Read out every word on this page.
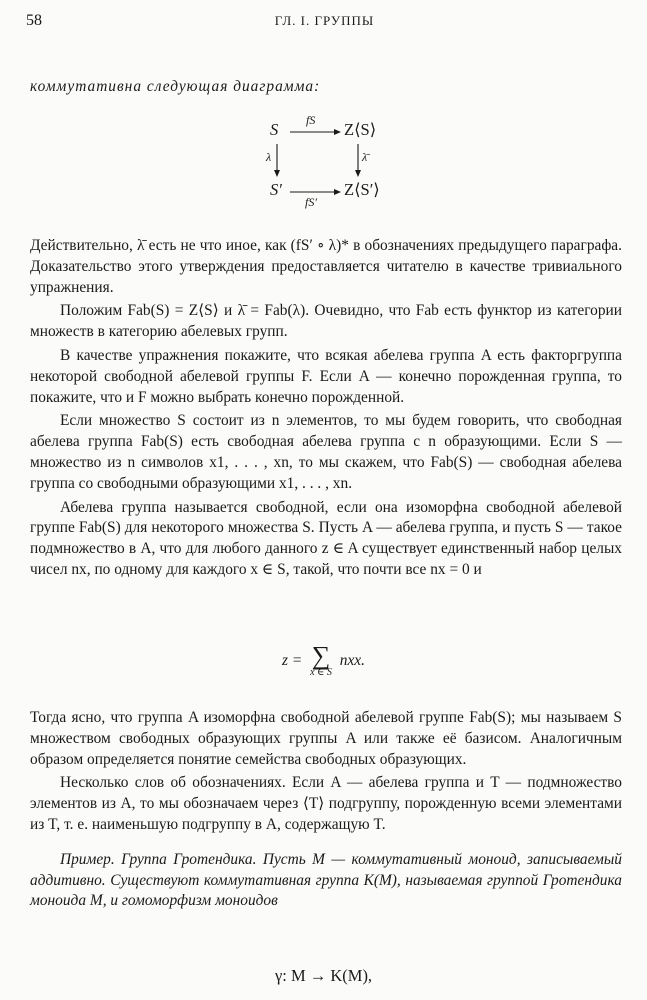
58	ГЛ. I. ГРУППЫ
коммутативна следующая диаграмма:
S	Z⟨S⟩
S′	Z⟨S′⟩
fS
fS′
λ	λ̄

Действительно, λ̄ есть не что иное, как (fS′ ∘ λ)* в обозначениях предыдущего параграфа. Доказательство этого утверждения предоставляется читателю в качестве тривиального упражнения.

Положим Fab(S) = Z⟨S⟩ и λ̄ = Fab(λ). Очевидно, что Fab есть функтор из категории множеств в категорию абелевых групп.

В качестве упражнения покажите, что всякая абелева группа A есть факторгруппа некоторой свободной абелевой группы F. Если A — конечно порожденная группа, то покажите, что и F можно выбрать конечно порожденной.

Если множество S состоит из n элементов, то мы будем говорить, что свободная абелева группа Fab(S) есть свободная абелева группа с n образующими. Если S — множество из n символов x1, . . . , xn, то мы скажем, что Fab(S) — свободная абелева группа со свободными образующими x1, . . . , xn.

Абелева группа называется свободной, если она изоморфна свободной абелевой группе Fab(S) для некоторого множества S. Пусть A — абелева группа, и пусть S — такое подмножество в A, что для любого данного z ∈ A существует единственный набор целых чисел nx, по одному для каждого x ∈ S, такой, что почти все nx = 0 и

z = ∑
x ∈ S
nxx.

Тогда ясно, что группа A изоморфна свободной абелевой группе Fab(S); мы называем S множеством свободных образующих группы A или также её базисом. Аналогичным образом определяется понятие семейства свободных образующих.

Несколько слов об обозначениях. Если A — абелева группа и T — подмножество элементов из A, то мы обозначаем через ⟨T⟩ подгруппу, порожденную всеми элементами из T, т. е. наименьшую подгруппу в A, содержащую T.

Пример. Группа Гротендика. Пусть M — коммутативный моноид, записываемый аддитивно. Существуют коммутативная группа K(M), называемая группой Гротендика моноида M, и гомоморфизм моноидов

γ: M → K(M),
